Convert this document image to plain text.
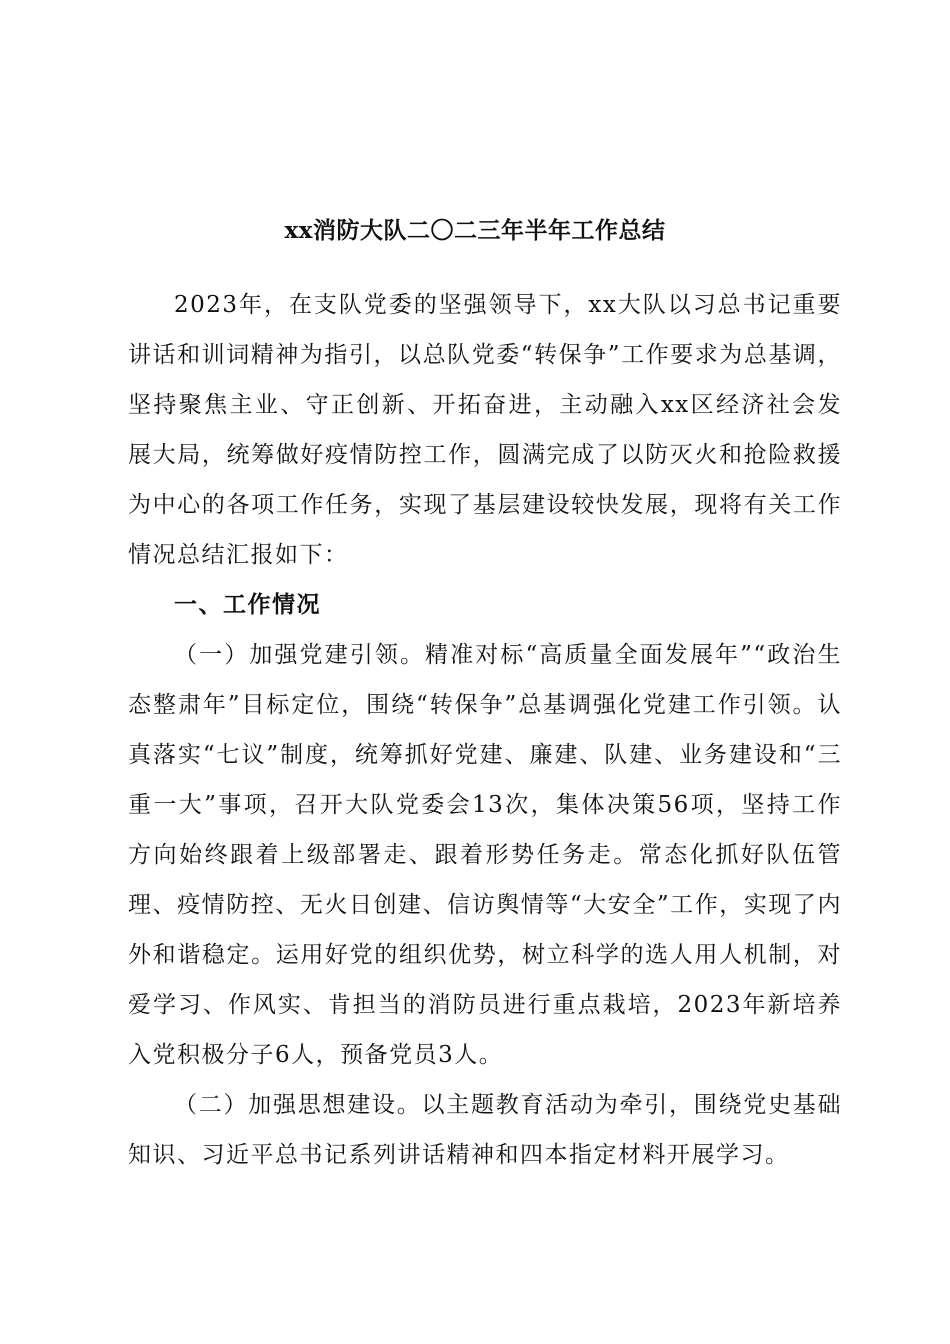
xx消防大队二〇二三年半年工作总结

2023年，在支队党委的坚强领导下，xx大队以习总书记重要讲话和训词精神为指引，以总队党委“转保争”工作要求为总基调，坚持聚焦主业、守正创新、开拓奋进，主动融入xx区经济社会发展大局，统筹做好疫情防控工作，圆满完成了以防灭火和抢险救援为中心的各项工作任务，实现了基层建设较快发展，现将有关工作情况总结汇报如下：

一、工作情况

（一）加强党建引领。精准对标“高质量全面发展年”“政治生态整肃年”目标定位，围绕“转保争”总基调强化党建工作引领。认真落实“七议”制度，统筹抓好党建、廉建、队建、业务建设和“三重一大”事项，召开大队党委会13次，集体决策56项，坚持工作方向始终跟着上级部署走、跟着形势任务走。常态化抓好队伍管理、疫情防控、无火日创建、信访舆情等“大安全”工作，实现了内外和谐稳定。运用好党的组织优势，树立科学的选人用人机制，对爱学习、作风实、肯担当的消防员进行重点栽培，2023年新培养入党积极分子6人，预备党员3人。

（二）加强思想建设。以主题教育活动为牵引，围绕党史基础知识、习近平总书记系列讲话精神和四本指定材料开展学习。
